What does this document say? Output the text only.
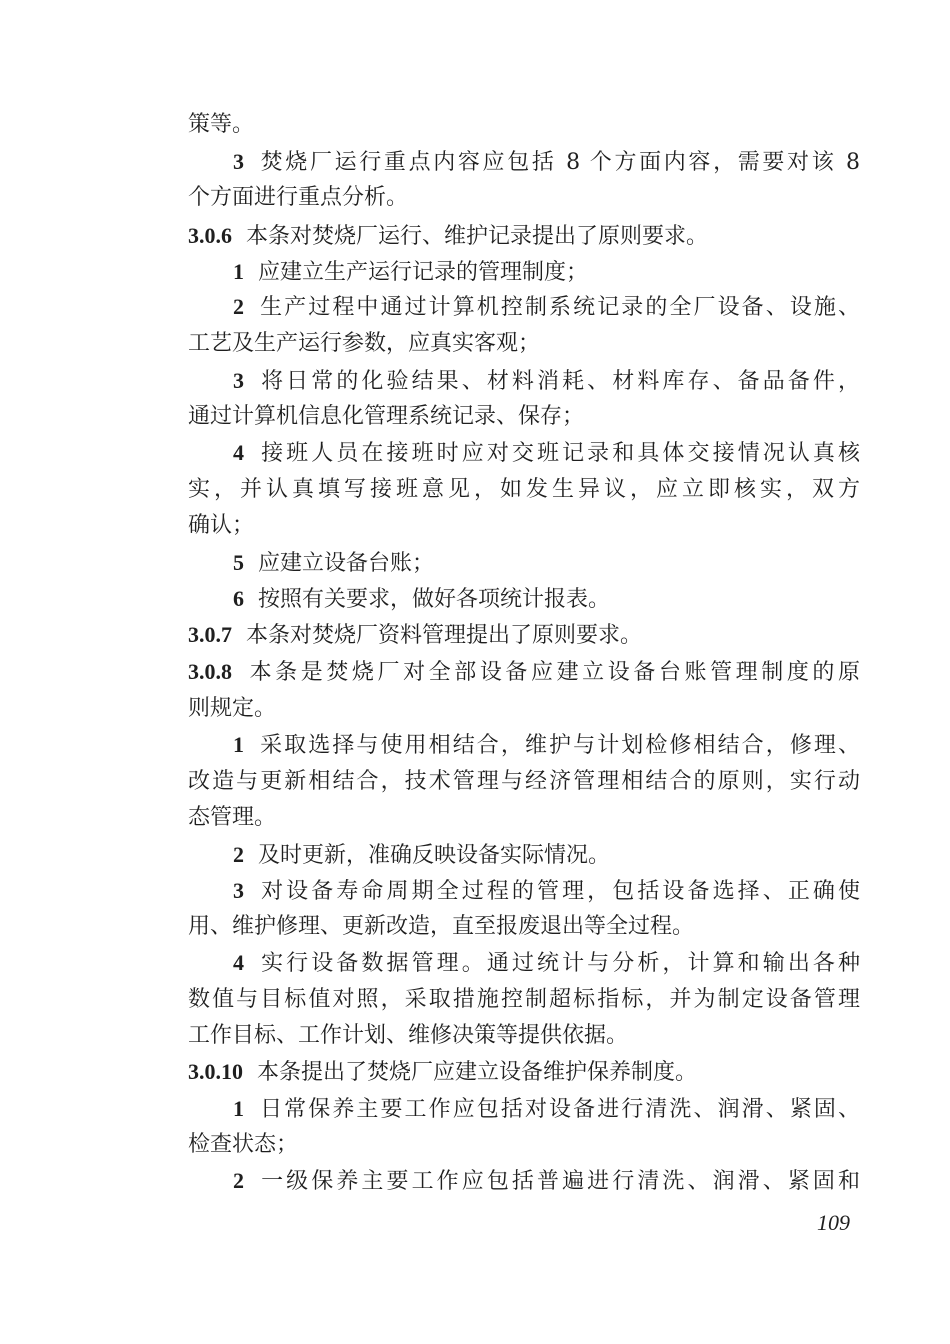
策等。
3 焚烧厂运行重点内容应包括 8 个方面内容，需要对该 8
个方面进行重点分析。
3.0.6 本条对焚烧厂运行、维护记录提出了原则要求。
1 应建立生产运行记录的管理制度；
2 生产过程中通过计算机控制系统记录的全厂设备、设施、
工艺及生产运行参数，应真实客观；
3 将日常的化验结果、材料消耗、材料库存、备品备件，
通过计算机信息化管理系统记录、保存；
4 接班人员在接班时应对交班记录和具体交接情况认真核
实，并认真填写接班意见，如发生异议，应立即核实，双方
确认；
5 应建立设备台账；
6 按照有关要求，做好各项统计报表。
3.0.7 本条对焚烧厂资料管理提出了原则要求。
3.0.8 本条是焚烧厂对全部设备应建立设备台账管理制度的原
则规定。
1 采取选择与使用相结合，维护与计划检修相结合，修理、
改造与更新相结合，技术管理与经济管理相结合的原则，实行动
态管理。
2 及时更新，准确反映设备实际情况。
3 对设备寿命周期全过程的管理，包括设备选择、正确使
用、维护修理、更新改造，直至报废退出等全过程。
4 实行设备数据管理。通过统计与分析，计算和输出各种
数值与目标值对照，采取措施控制超标指标，并为制定设备管理
工作目标、工作计划、维修决策等提供依据。
3.0.10 本条提出了焚烧厂应建立设备维护保养制度。
1 日常保养主要工作应包括对设备进行清洗、润滑、紧固、
检查状态；
2 一级保养主要工作应包括普遍进行清洗、润滑、紧固和
109
